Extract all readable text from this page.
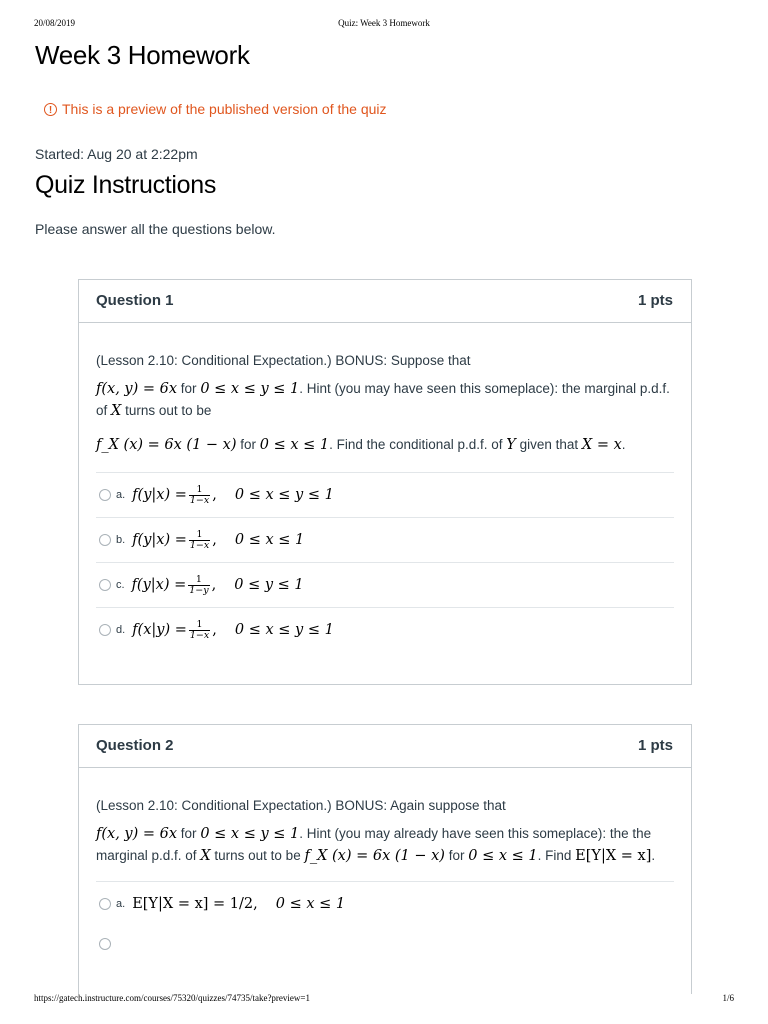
20/08/2019	Quiz: Week 3 Homework
Week 3 Homework
! This is a preview of the published version of the quiz
Started: Aug 20 at 2:22pm
Quiz Instructions
Please answer all the questions below.
Question 1	1 pts

(Lesson 2.10: Conditional Expectation.) BONUS: Suppose that

f(x, y) = 6x for 0 ≤ x ≤ y ≤ 1. Hint (you may have seen this someplace): the marginal p.d.f. of X turns out to be

f_X (x) = 6x (1 − x) for 0 ≤ x ≤ 1. Find the conditional p.d.f. of Y given that X = x.

a. $f(y|x) = \frac{1}{1-x}$ , 0 ≤ x ≤ y ≤ 1
b. $f(y|x) = \frac{1}{1-x}$ , 0 ≤ x ≤ 1
c. $f(y|x) = \frac{1}{1-y}$ , 0 ≤ y ≤ 1
d. $f(x|y) = \frac{1}{1-x}$ , 0 ≤ x ≤ y ≤ 1
Question 2	1 pts

(Lesson 2.10: Conditional Expectation.) BONUS: Again suppose that

f(x, y) = 6x for 0 ≤ x ≤ y ≤ 1. Hint (you may already have seen this someplace): the the marginal p.d.f. of X turns out to be f_X (x) = 6x (1 − x) for 0 ≤ x ≤ 1. Find E[Y|X = x].

a. E[Y|X = x] = 1/2, 0 ≤ x ≤ 1
https://gatech.instructure.com/courses/75320/quizzes/74735/take?preview=1	1/6
